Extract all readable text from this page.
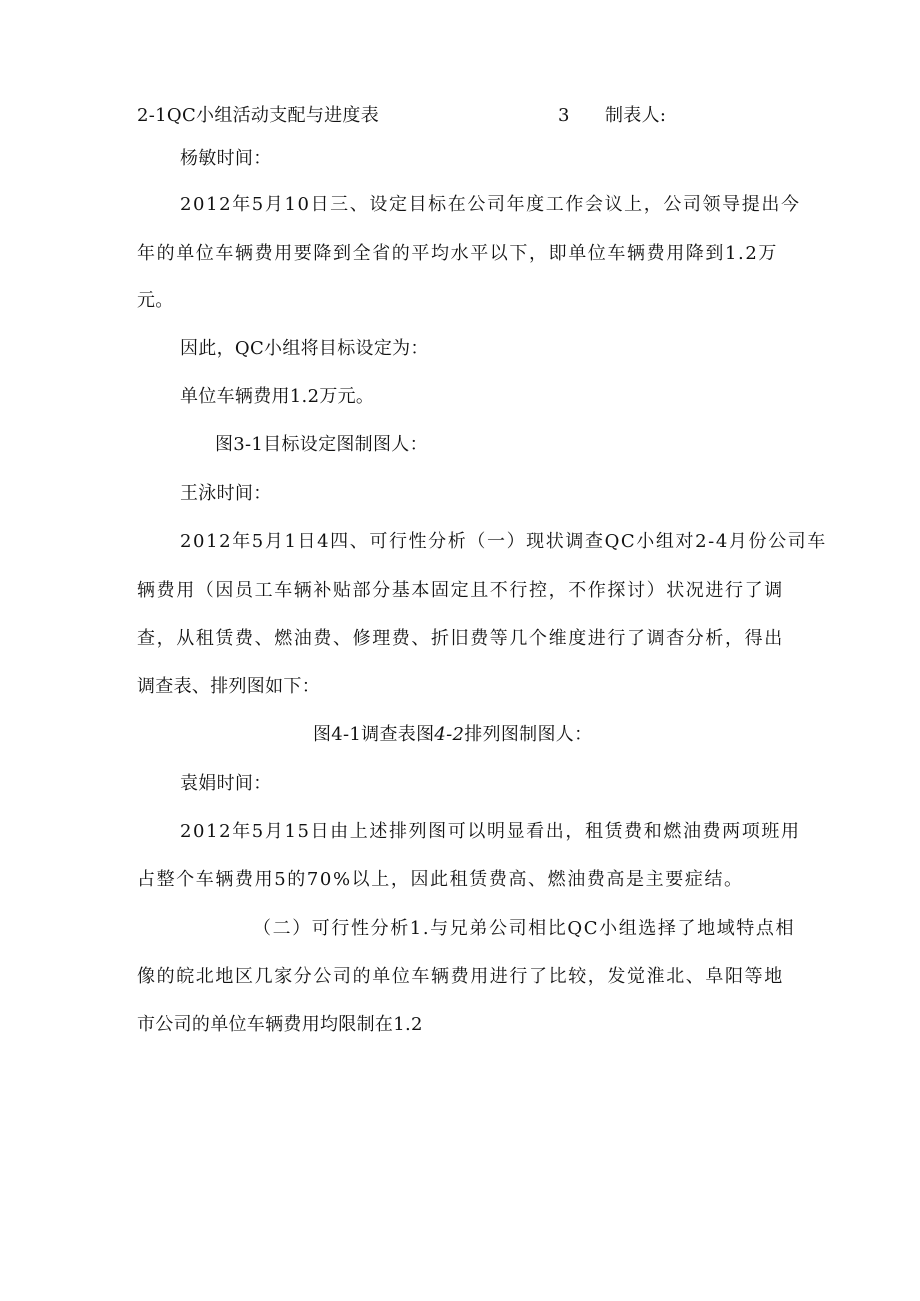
2-1QC小组活动支配与进度表	3 制表人:
杨敏时间：
2012年5月10日三、设定目标在公司年度工作会议上，公司领导提出今
年的单位车辆费用要降到全省的平均水平以下，即单位车辆费用降到1.2万
元。
因此，QC小组将目标设定为：
单位车辆费用1.2万元。
图3-1目标设定图制图人：
王泳时间：
2012年5月1日4四、可行性分析（一）现状调查QC小组对2-4月份公司车
辆费用（因员工车辆补贴部分基本固定且不行控，不作探讨）状况进行了调
查，从租赁费、燃油费、修理费、折旧费等几个维度进行了调杳分析，得出
调查表、排列图如下：
图4-1调查表图4-2排列图制图人：
袁娟时间：
2012年5月15日由上述排列图可以明显看出，租赁费和燃油费两项班用
占整个车辆费用5的70%以上，因此租赁费高、燃油费高是主要症结。
（二）可行性分析1.与兄弟公司相比QC小组选择了地域特点相
像的皖北地区几家分公司的单位车辆费用进行了比较，发觉淮北、阜阳等地
市公司的单位车辆费用均限制在1.2
